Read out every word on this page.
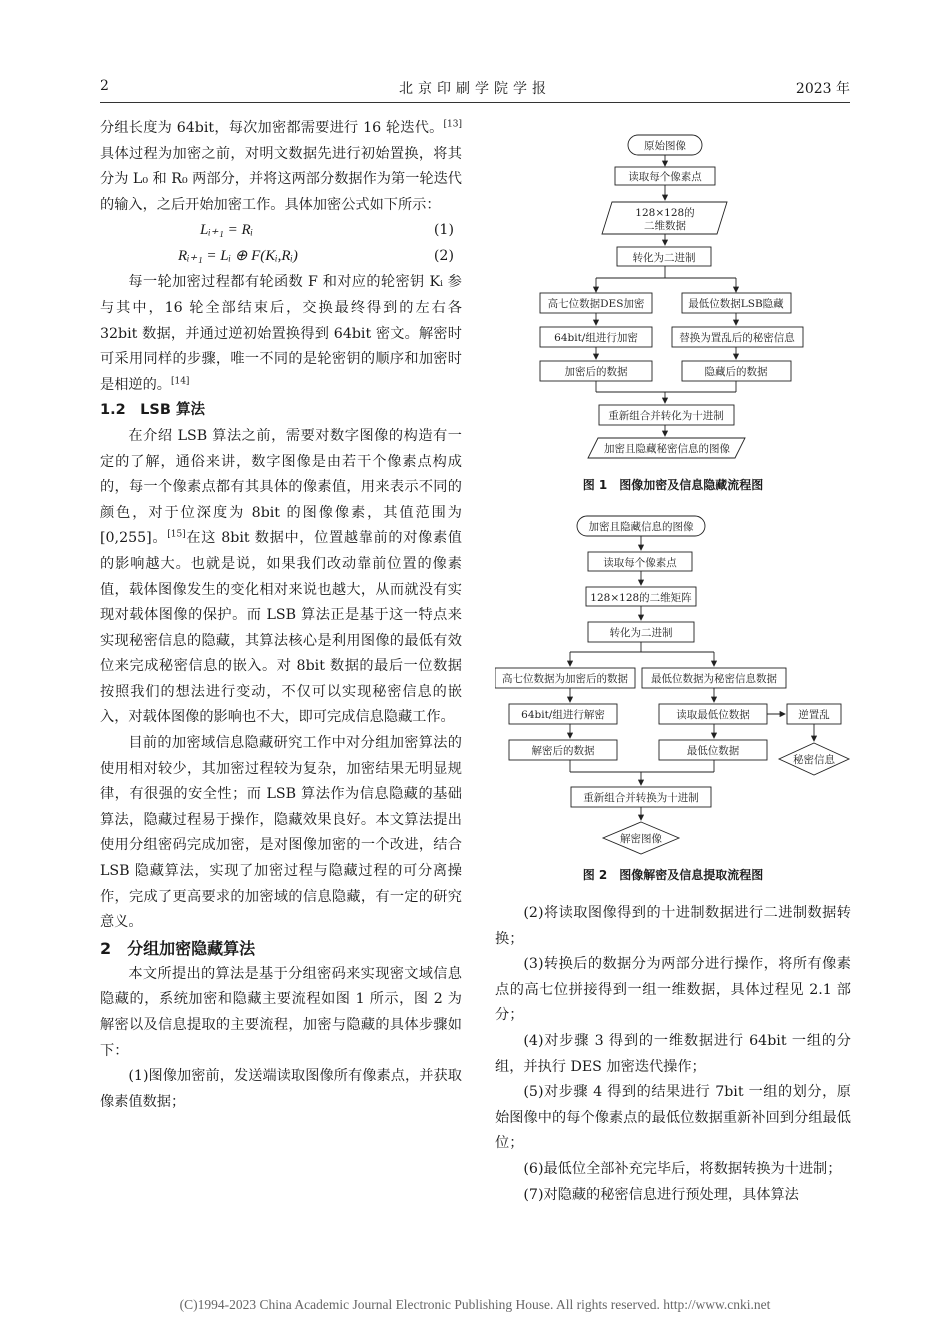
2	北京印刷学院学报	2023 年

分组长度为 64bit，每次加密都需要进行 16 轮迭代。[13]具体过程为加密之前，对明文数据先进行初始置换，将其分为 L₀ 和 R₀ 两部分，并将这两部分数据作为第一轮迭代的输入，之后开始加密工作。具体加密公式如下所示：

Lᵢ₊₁ = Rᵢ	(1)
Rᵢ₊₁ = Lᵢ ⊕ F(Kᵢ,Rᵢ)	(2)

每一轮加密过程都有轮函数 F 和对应的轮密钥 Kᵢ 参与其中，16 轮全部结束后，交换最终得到的左右各 32bit 数据，并通过逆初始置换得到 64bit 密文。解密时可采用同样的步骤，唯一不同的是轮密钥的顺序和加密时是相逆的。[14]

1.2　LSB 算法

在介绍 LSB 算法之前，需要对数字图像的构造有一定的了解，通俗来讲，数字图像是由若干个像素点构成的，每一个像素点都有其具体的像素值，用来表示不同的颜色，对于位深度为 8bit 的图像像素，其值范围为[0,255]。[15]在这 8bit 数据中，位置越靠前的对像素值的影响越大。也就是说，如果我们改动靠前位置的像素值，载体图像发生的变化相对来说也越大，从而就没有实现对载体图像的保护。而 LSB 算法正是基于这一特点来实现秘密信息的隐藏，其算法核心是利用图像的最低有效位来完成秘密信息的嵌入。对 8bit 数据的最后一位数据按照我们的想法进行变动，不仅可以实现秘密信息的嵌入，对载体图像的影响也不大，即可完成信息隐藏工作。

目前的加密域信息隐藏研究工作中对分组加密算法的使用相对较少，其加密过程较为复杂，加密结果无明显规律，有很强的安全性；而 LSB 算法作为信息隐藏的基础算法，隐藏过程易于操作，隐藏效果良好。本文算法提出使用分组密码完成加密，是对图像加密的一个改进，结合 LSB 隐藏算法，实现了加密过程与隐藏过程的可分离操作，完成了更高要求的加密域的信息隐藏，有一定的研究意义。

2　分组加密隐藏算法

本文所提出的算法是基于分组密码来实现密文域信息隐藏的，系统加密和隐藏主要流程如图 1 所示，图 2 为解密以及信息提取的主要流程，加密与隐藏的具体步骤如下：

(1)图像加密前，发送端读取图像所有像素点，并获取像素值数据；

原始图像
读取每个像素点
128×128的
二维数据
转化为二进制
高七位数据DES加密	最低位数据LSB隐藏
64bit/组进行加密	替换为置乱后的秘密信息
加密后的数据	隐藏后的数据
重新组合并转化为十进制
加密且隐藏秘密信息的图像
图 1　图像加密及信息隐藏流程图
加密且隐藏信息的图像
读取每个像素点
128×128的二维矩阵
转化为二进制
高七位数据为加密后的数据 最低位数据为秘密信息数据
64bit/组进行解密	读取最低位数据	逆置乱
解密后的数据	最低位数据
秘密信息
重新组合并转换为十进制
解密图像
图 2　图像解密及信息提取流程图

(2)将读取图像得到的十进制数据进行二进制数据转换；

(3)转换后的数据分为两部分进行操作，将所有像素点的高七位拼接得到一组一维数据，具体过程见 2.1 部分；

(4)对步骤 3 得到的一维数据进行 64bit 一组的分组，并执行 DES 加密迭代操作；

(5)对步骤 4 得到的结果进行 7bit 一组的划分，原始图像中的每个像素点的最低位数据重新补回到分组最低位；

(6)最低位全部补充完毕后，将数据转换为十进制；

(7)对隐藏的秘密信息进行预处理，具体算法

(C)1994-2023 China Academic Journal Electronic Publishing House. All rights reserved. http://www.cnki.net
